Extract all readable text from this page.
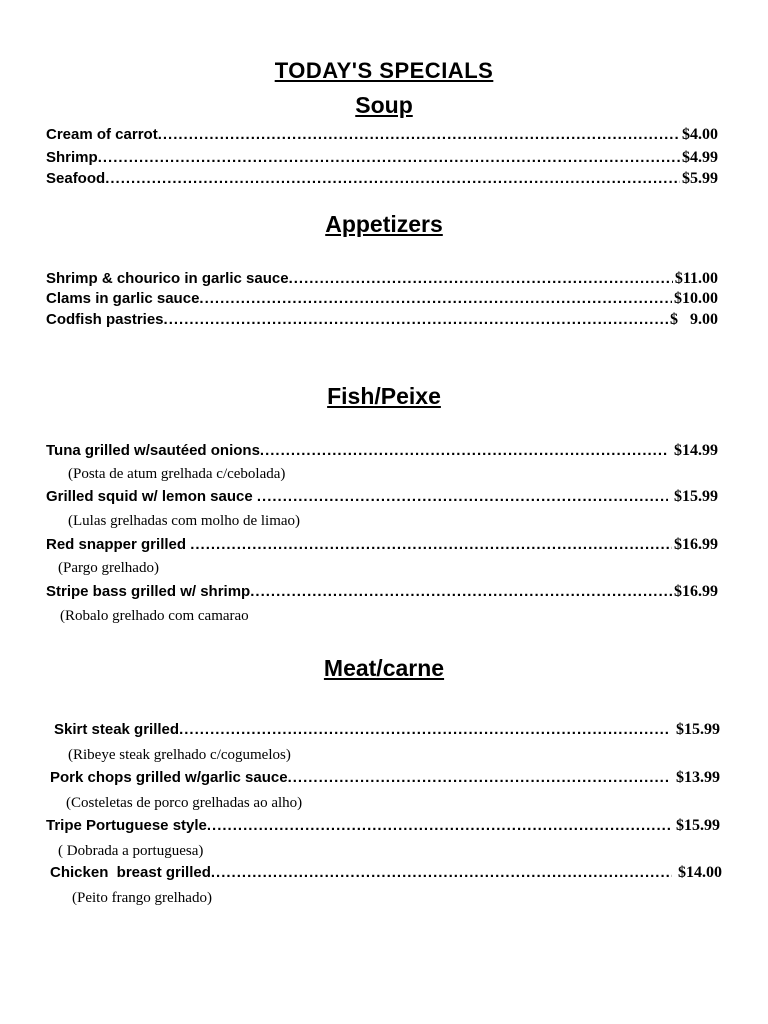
TODAY'S SPECIALS
Soup
Cream of carrot .....	$4.00
Shrimp .....	$4.99
Seafood .....	$5.99
Appetizers
Shrimp & chourico in garlic sauce .....	$11.00
Clams in garlic sauce .....	$10.00
Codfish pastries .....	$   9.00
Fish/Peixe
Tuna grilled w/sautéed onions .....	$14.99
(Posta de atum grelhada c/cebolada)
Grilled squid w/ lemon sauce .....	$15.99
(Lulas grelhadas com molho de limao)
Red snapper grilled .....	$16.99
(Pargo grelhado)
Stripe bass grilled w/ shrimp .....	$16.99
(Robalo grelhado com camarao
Meat/carne
Skirt steak grilled .....	$15.99
(Ribeye steak grelhado c/cogumelos)
Pork chops grilled w/garlic sauce .....	$13.99
(Costeletas de porco grelhadas ao alho)
Tripe Portuguese style .....	$15.99
( Dobrada a portuguesa)
Chicken  breast grilled .....	$14.00
(Peito frango grelhado)
